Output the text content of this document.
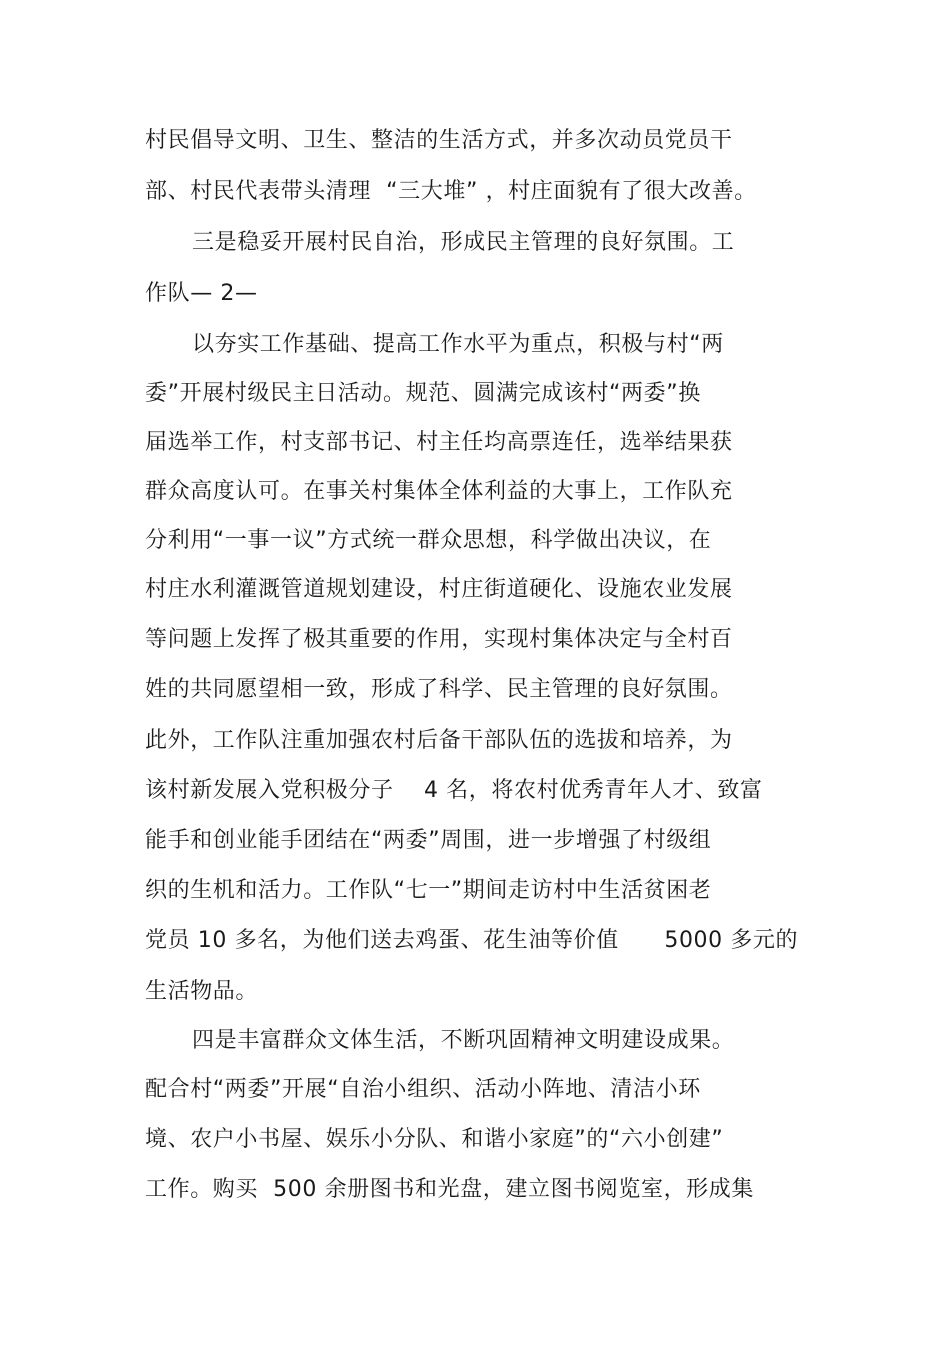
村民倡导文明、卫生、整洁的生活方式，并多次动员党员干
部、村民代表带头清理  “三大堆” ，村庄面貌有了很大改善。
三是稳妥开展村民自治，形成民主管理的良好氛围。工
作队— 2—
以夯实工作基础、提高工作水平为重点，积极与村“两
委”开展村级民主日活动。规范、圆满完成该村“两委”换
届选举工作，村支部书记、村主任均高票连任，选举结果获
群众高度认可。在事关村集体全体利益的大事上，工作队充
分利用“一事一议”方式统一群众思想，科学做出决议，在
村庄水利灌溉管道规划建设，村庄街道硬化、设施农业发展
等问题上发挥了极其重要的作用，实现村集体决定与全村百
姓的共同愿望相一致，形成了科学、民主管理的良好氛围。
此外，工作队注重加强农村后备干部队伍的选拔和培养，为
该村新发展入党积极分子    4 名，将农村优秀青年人才、致富
能手和创业能手团结在“两委”周围，进一步增强了村级组
织的生机和活力。工作队“七一”期间走访村中生活贫困老
党员 10 多名，为他们送去鸡蛋、花生油等价值      5000 多元的
生活物品。
四是丰富群众文体生活，不断巩固精神文明建设成果。
配合村“两委”开展“自治小组织、活动小阵地、清洁小环
境、农户小书屋、娱乐小分队、和谐小家庭”的“六小创建”
工作。购买  500 余册图书和光盘，建立图书阅览室，形成集
